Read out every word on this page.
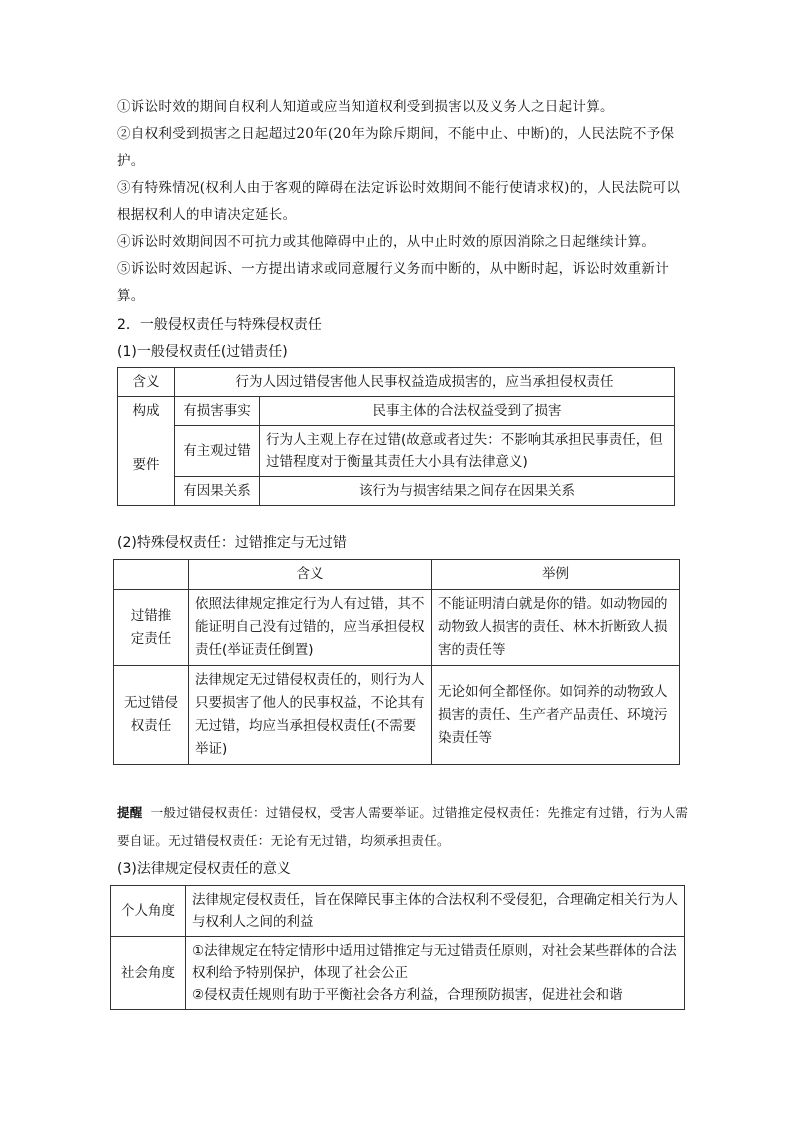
①诉讼时效的期间自权利人知道或应当知道权利受到损害以及义务人之日起计算。

②自权利受到损害之日起超过20年(20年为除斥期间，不能中止、中断)的，人民法院不予保护。

③有特殊情况(权利人由于客观的障碍在法定诉讼时效期间不能行使请求权)的，人民法院可以根据权利人的申请决定延长。

④诉讼时效期间因不可抗力或其他障碍中止的，从中止时效的原因消除之日起继续计算。

⑤诉讼时效因起诉、一方提出请求或同意履行义务而中断的，从中断时起，诉讼时效重新计算。

2．一般侵权责任与特殊侵权责任

(1)一般侵权责任(过错责任)

含义	行为人因过错侵害他人民事权益造成损害的，应当承担侵权责任	
构成	有损害事实	民事主体的合法权益受到了损害
要件	有主观过错	行为人主观上存在过错(故意或者过失：不影响其承担民事责任，但过错程度对于衡量其责任大小具有法律意义)
	有因果关系	该行为与损害结果之间存在因果关系

(2)特殊侵权责任：过错推定与无过错

	含义	举例
过错推定责任	依照法律规定推定行为人有过错，其不能证明自己没有过错的，应当承担侵权责任(举证责任倒置)	不能证明清白就是你的错。如动物园的动物致人损害的责任、林木折断致人损害的责任等
无过错侵权责任	法律规定无过错侵权责任的，则行为人只要损害了他人的民事权益，不论其有无过错，均应当承担侵权责任(不需要举证)	无论如何全都怪你。如饲养的动物致人损害的责任、生产者产品责任、环境污染责任等

提醒 一般过错侵权责任：过错侵权，受害人需要举证。过错推定侵权责任：先推定有过错，行为人需要自证。无过错侵权责任：无论有无过错，均须承担责任。

(3)法律规定侵权责任的意义

个人角度	法律规定侵权责任，旨在保障民事主体的合法权利不受侵犯，合理确定相关行为人与权利人之间的利益
社会角度	①法律规定在特定情形中适用过错推定与无过错责任原则，对社会某些群体的合法权利给予特别保护，体现了社会公正
②侵权责任规则有助于平衡社会各方利益，合理预防损害，促进社会和谐
